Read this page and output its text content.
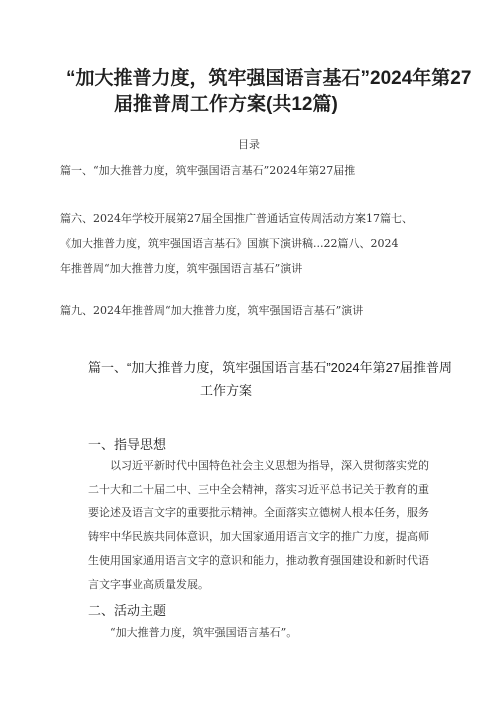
“加大推普力度，筑牢强国语言基石”2024年第27
届推普周工作方案(共12篇)
目录
篇一、“加大推普力度，筑牢强国语言基石”2024年第27届推
篇六、2024年学校开展第27届全国推广普通话宣传周活动方案17篇七、
《加大推普力度，筑牢强国语言基石》国旗下演讲稿...22篇八、2024
年推普周“加大推普力度，筑牢强国语言基石”演讲
篇九、2024年推普周“加大推普力度，筑牢强国语言基石”演讲
篇一、“加大推普力度，筑牢强国语言基石”2024年第27届推普周
工作方案
一、指导思想
以习近平新时代中国特色社会主义思想为指导，深入贯彻落实党的
二十大和二十届二中、三中全会精神，落实习近平总书记关于教育的重
要论述及语言文字的重要批示精神。全面落实立德树人根本任务，服务
铸牢中华民族共同体意识，加大国家通用语言文字的推广力度，提高师
生使用国家通用语言文字的意识和能力，推动教育强国建设和新时代语
言文字事业高质量发展。
二、活动主题
“加大推普力度，筑牢强国语言基石”。
